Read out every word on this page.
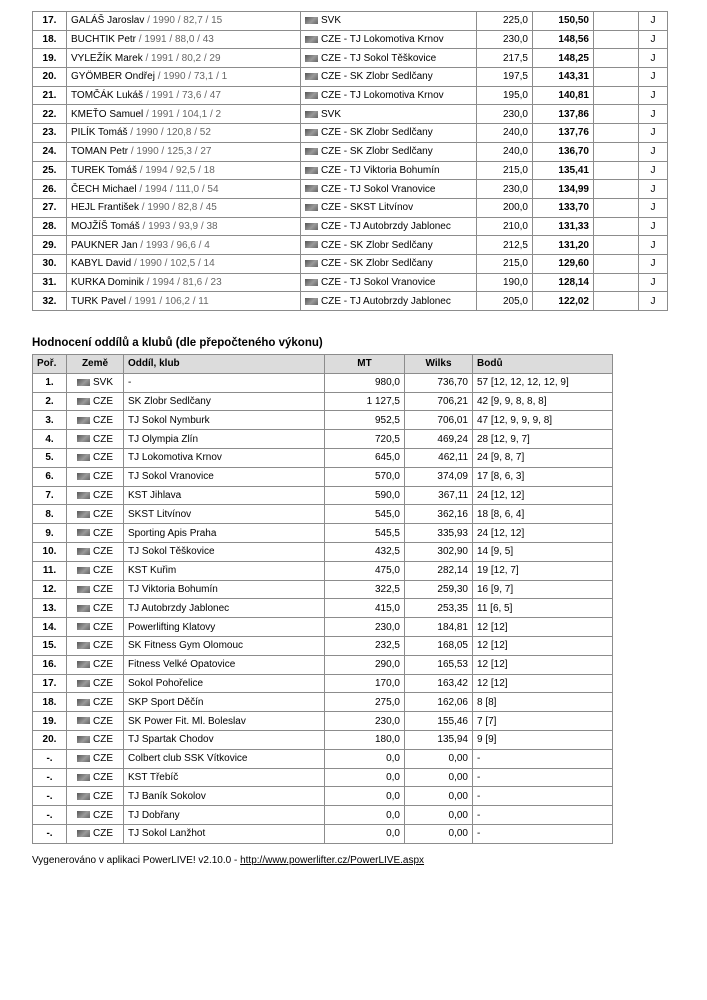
17.	GALÁŠ Jaroslav / 1990 / 82,7 / 15	SVK	225,0	150,50		J
18.	BUCHTIK Petr / 1991 / 88,0 / 43	CZE - TJ Lokomotiva Krnov	230,0	148,56		J
19.	VYLEŽÍK Marek / 1991 / 80,2 / 29	CZE - TJ Sokol Těškovice	217,5	148,25		J
20.	GYÖMBER Ondřej / 1990 / 73,1 / 1	CZE - SK Zlobr Sedlčany	197,5	143,31		J
21.	TOMČÁK Lukáš / 1991 / 73,6 / 47	CZE - TJ Lokomotiva Krnov	195,0	140,81		J
22.	KMEŤO Samuel / 1991 / 104,1 / 2	SVK	230,0	137,86		J
23.	PILÍK Tomáš / 1990 / 120,8 / 52	CZE - SK Zlobr Sedlčany	240,0	137,76		J
24.	TOMAN Petr / 1990 / 125,3 / 27	CZE - SK Zlobr Sedlčany	240,0	136,70		J
25.	TUREK Tomáš / 1994 / 92,5 / 18	CZE - TJ Viktoria Bohumín	215,0	135,41		J
26.	ČECH Michael / 1994 / 111,0 / 54	CZE - TJ Sokol Vranovice	230,0	134,99		J
27.	HEJL František / 1990 / 82,8 / 45	CZE - SKST Litvínov	200,0	133,70		J
28.	MOJŽÍŠ Tomáš / 1993 / 93,9 / 38	CZE - TJ Autobrzdy Jablonec	210,0	131,33		J
29.	PAUKNER Jan / 1993 / 96,6 / 4	CZE - SK Zlobr Sedlčany	212,5	131,20		J
30.	KABYL David / 1990 / 102,5 / 14	CZE - SK Zlobr Sedlčany	215,0	129,60		J
31.	KURKA Dominik / 1994 / 81,6 / 23	CZE - TJ Sokol Vranovice	190,0	128,14		J
32.	TURK Pavel / 1991 / 106,2 / 11	CZE - TJ Autobrzdy Jablonec	205,0	122,02		J
Hodnocení oddílů a klubů (dle přepočteného výkonu)
Poř.	Země	Oddíl, klub	MT	Wilks	Bodů
1.	SVK	-	980,0	736,70	57 [12, 12, 12, 12, 9]
2.	CZE	SK Zlobr Sedlčany	1 127,5	706,21	42 [9, 9, 8, 8, 8]
3.	CZE	TJ Sokol Nymburk	952,5	706,01	47 [12, 9, 9, 9, 8]
4.	CZE	TJ Olympia Zlín	720,5	469,24	28 [12, 9, 7]
5.	CZE	TJ Lokomotiva Krnov	645,0	462,11	24 [9, 8, 7]
6.	CZE	TJ Sokol Vranovice	570,0	374,09	17 [8, 6, 3]
7.	CZE	KST Jihlava	590,0	367,11	24 [12, 12]
8.	CZE	SKST Litvínov	545,0	362,16	18 [8, 6, 4]
9.	CZE	Sporting Apis Praha	545,5	335,93	24 [12, 12]
10.	CZE	TJ Sokol Těškovice	432,5	302,90	14 [9, 5]
11.	CZE	KST Kuřim	475,0	282,14	19 [12, 7]
12.	CZE	TJ Viktoria Bohumín	322,5	259,30	16 [9, 7]
13.	CZE	TJ Autobrzdy Jablonec	415,0	253,35	11 [6, 5]
14.	CZE	Powerlifting Klatovy	230,0	184,81	12 [12]
15.	CZE	SK Fitness Gym Olomouc	232,5	168,05	12 [12]
16.	CZE	Fitness Velké Opatovice	290,0	165,53	12 [12]
17.	CZE	Sokol Pohořelice	170,0	163,42	12 [12]
18.	CZE	SKP Sport Děčín	275,0	162,06	8 [8]
19.	CZE	SK Power Fit. Ml. Boleslav	230,0	155,46	7 [7]
20.	CZE	TJ Spartak Chodov	180,0	135,94	9 [9]
-.	CZE	Colbert club SSK Vítkovice	0,0	0,00	-
-.	CZE	KST Třebíč	0,0	0,00	-
-.	CZE	TJ Baník Sokolov	0,0	0,00	-
-.	CZE	TJ Dobřany	0,0	0,00	-
-.	CZE	TJ Sokol Lanžhot	0,0	0,00	-

Vygenerováno v aplikaci PowerLIVE! v2.10.0 - http://www.powerlifter.cz/PowerLIVE.aspx
